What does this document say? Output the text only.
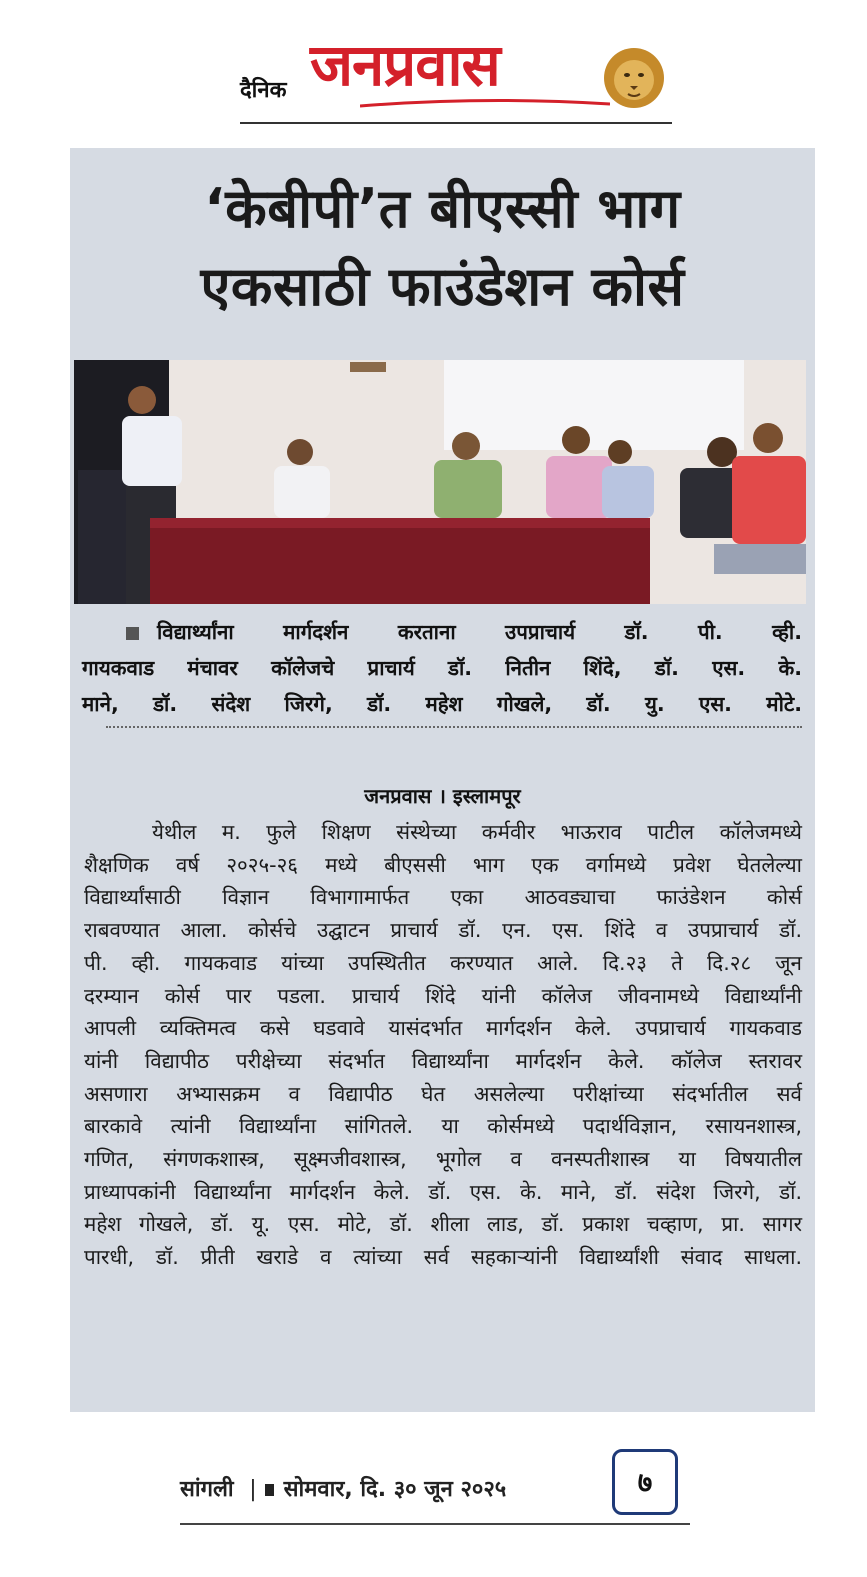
दैनिक जनप्रवास
‘केबीपी’त बीएस्सी भाग
एकसाठी फाउंडेशन कोर्स
विद्यार्थ्यांना मार्गदर्शन करताना उपप्राचार्य डॉ. पी. व्ही.
गायकवाड मंचावर कॉलेजचे प्राचार्य डॉ. नितीन शिंदे, डॉ. एस. के.
माने, डॉ. संदेश जिरगे, डॉ. महेश गोखले, डॉ. यु. एस. मोटे.
जनप्रवास । इस्लामपूर
येथील म. फुले शिक्षण संस्थेच्या कर्मवीर भाऊराव पाटील कॉलेजमध्ये
शैक्षणिक वर्ष २०२५-२६ मध्ये बीएससी भाग एक वर्गामध्ये प्रवेश घेतलेल्या
विद्यार्थ्यांसाठी विज्ञान विभागामार्फत एका आठवड्याचा फाउंडेशन कोर्स
राबवण्यात आला. कोर्सचे उद्घाटन प्राचार्य डॉ. एन. एस. शिंदे व उपप्राचार्य डॉ.
पी. व्ही. गायकवाड यांच्या उपस्थितीत करण्यात आले. दि.२३ ते दि.२८ जून
दरम्यान कोर्स पार पडला. प्राचार्य शिंदे यांनी कॉलेज जीवनामध्ये विद्यार्थ्यांनी
आपली व्यक्तिमत्व कसे घडवावे यासंदर्भात मार्गदर्शन केले. उपप्राचार्य गायकवाड
यांनी विद्यापीठ परीक्षेच्या संदर्भात विद्यार्थ्यांना मार्गदर्शन केले. कॉलेज स्तरावर
असणारा अभ्यासक्रम व विद्यापीठ घेत असलेल्या परीक्षांच्या संदर्भातील सर्व
बारकावे त्यांनी विद्यार्थ्यांना सांगितले. या कोर्समध्ये पदार्थविज्ञान, रसायनशास्त्र,
गणित, संगणकशास्त्र, सूक्ष्मजीवशास्त्र, भूगोल व वनस्पतीशास्त्र या विषयातील
प्राध्यापकांनी विद्यार्थ्यांना मार्गदर्शन केले. डॉ. एस. के. माने, डॉ. संदेश जिरगे, डॉ.
महेश गोखले, डॉ. यू. एस. मोटे, डॉ. शीला लाड, डॉ. प्रकाश चव्हाण, प्रा. सागर
पारधी, डॉ. प्रीती खराडे व त्यांच्या सर्व सहकाऱ्यांनी विद्यार्थ्यांशी संवाद साधला.
सांगली | सोमवार, दि. ३० जून २०२५	७
